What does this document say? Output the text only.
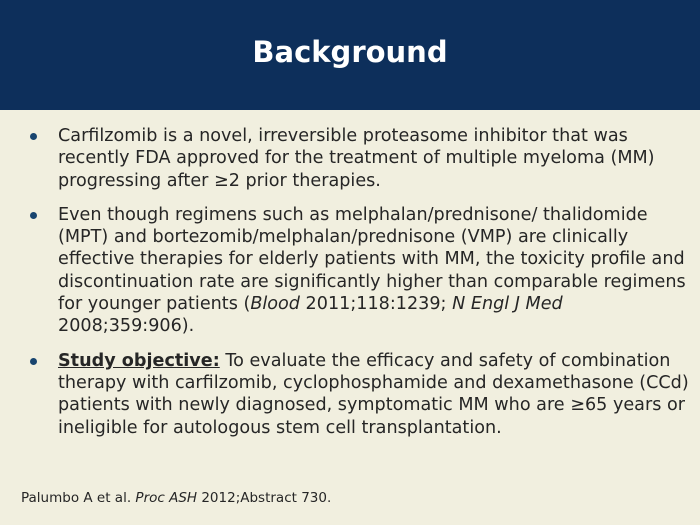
Background
Carfilzomib is a novel, irreversible proteasome inhibitor that was recently FDA approved for the treatment of multiple myeloma (MM) progressing after ≥2 prior therapies.
Even though regimens such as melphalan/prednisone/ thalidomide (MPT) and bortezomib/melphalan/prednisone (VMP) are clinically effective therapies for elderly patients with MM, the toxicity profile and discontinuation rate are significantly higher than comparable regimens for younger patients (Blood 2011;118:1239; N Engl J Med 2008;359:906).
Study objective: To evaluate the efficacy and safety of combination therapy with carfilzomib, cyclophosphamide and dexamethasone (CCd) patients with newly diagnosed, symptomatic MM who are ≥65 years or ineligible for autologous stem cell transplantation.
Palumbo A et al. Proc ASH 2012;Abstract 730.
